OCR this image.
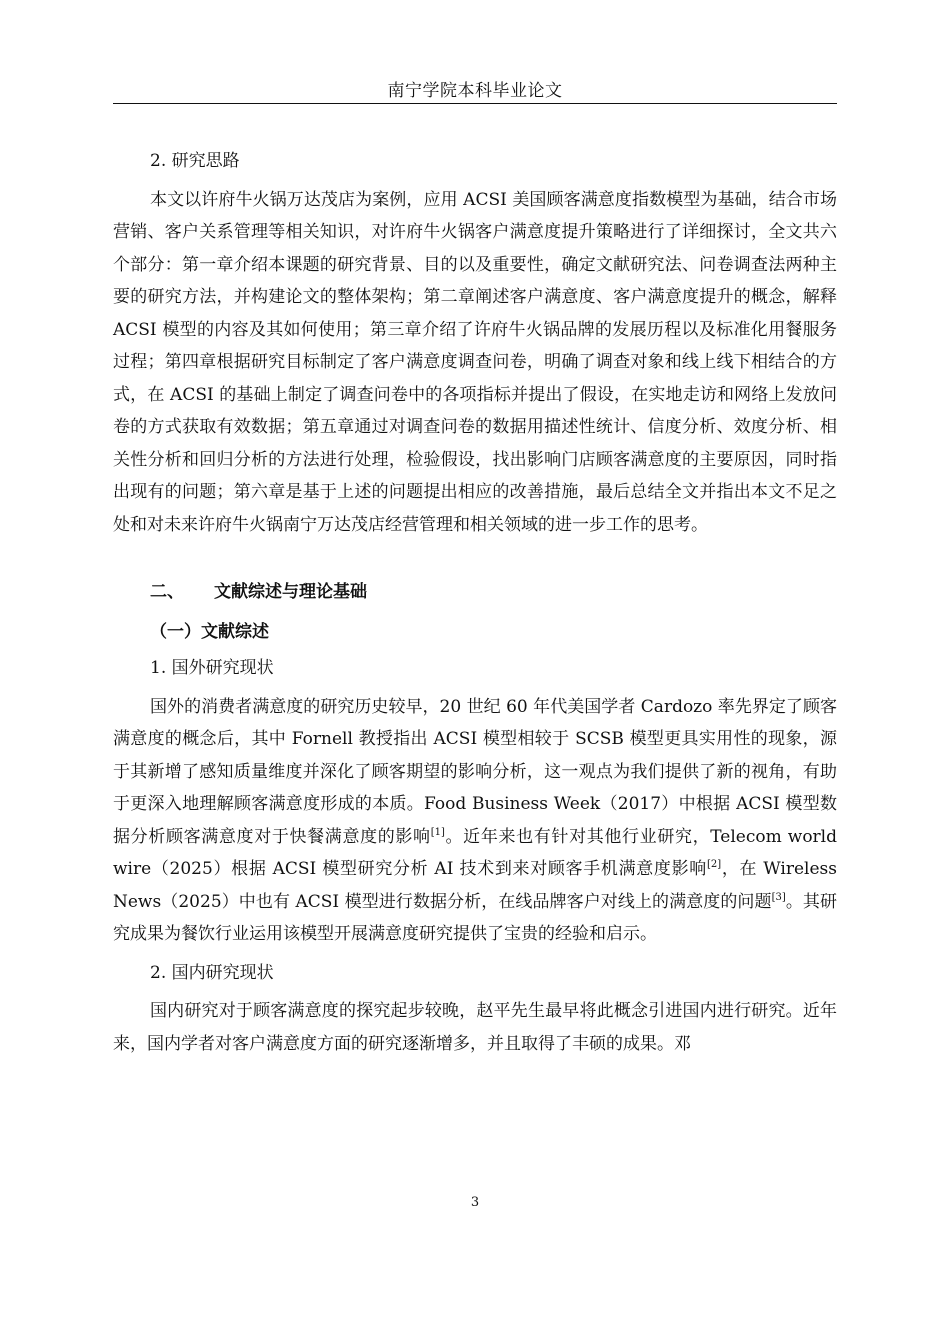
南宁学院本科毕业论文

2. 研究思路

本文以许府牛火锅万达茂店为案例，应用 ACSI 美国顾客满意度指数模型为基础，结合市场营销、客户关系管理等相关知识，对许府牛火锅客户满意度提升策略进行了详细探讨，全文共六个部分：第一章介绍本课题的研究背景、目的以及重要性，确定文献研究法、问卷调查法两种主要的研究方法，并构建论文的整体架构；第二章阐述客户满意度、客户满意度提升的概念，解释 ACSI 模型的内容及其如何使用；第三章介绍了许府牛火锅品牌的发展历程以及标准化用餐服务过程；第四章根据研究目标制定了客户满意度调查问卷，明确了调查对象和线上线下相结合的方式，在 ACSI 的基础上制定了调查问卷中的各项指标并提出了假设，在实地走访和网络上发放问卷的方式获取有效数据；第五章通过对调查问卷的数据用描述性统计、信度分析、效度分析、相关性分析和回归分析的方法进行处理，检验假设，找出影响门店顾客满意度的主要原因，同时指出现有的问题；第六章是基于上述的问题提出相应的改善措施，最后总结全文并指出本文不足之处和对未来许府牛火锅南宁万达茂店经营管理和相关领域的进一步工作的思考。

二、 文献综述与理论基础

（一）文献综述

1. 国外研究现状

国外的消费者满意度的研究历史较早，20 世纪 60 年代美国学者 Cardozo 率先界定了顾客满意度的概念后，其中 Fornell 教授指出 ACSI 模型相较于 SCSB 模型更具实用性的现象，源于其新增了感知质量维度并深化了顾客期望的影响分析，这一观点为我们提供了新的视角，有助于更深入地理解顾客满意度形成的本质。Food Business Week（2017）中根据 ACSI 模型数据分析顾客满意度对于快餐满意度的影响[1]。近年来也有针对其他行业研究，Telecom world wire（2025）根据 ACSI 模型研究分析 AI 技术到来对顾客手机满意度影响[2]，在 Wireless News（2025）中也有 ACSI 模型进行数据分析，在线品牌客户对线上的满意度的问题[3]。其研究成果为餐饮行业运用该模型开展满意度研究提供了宝贵的经验和启示。

2. 国内研究现状

国内研究对于顾客满意度的探究起步较晚，赵平先生最早将此概念引进国内进行研究。近年来，国内学者对客户满意度方面的研究逐渐增多，并且取得了丰硕的成果。邓

3
